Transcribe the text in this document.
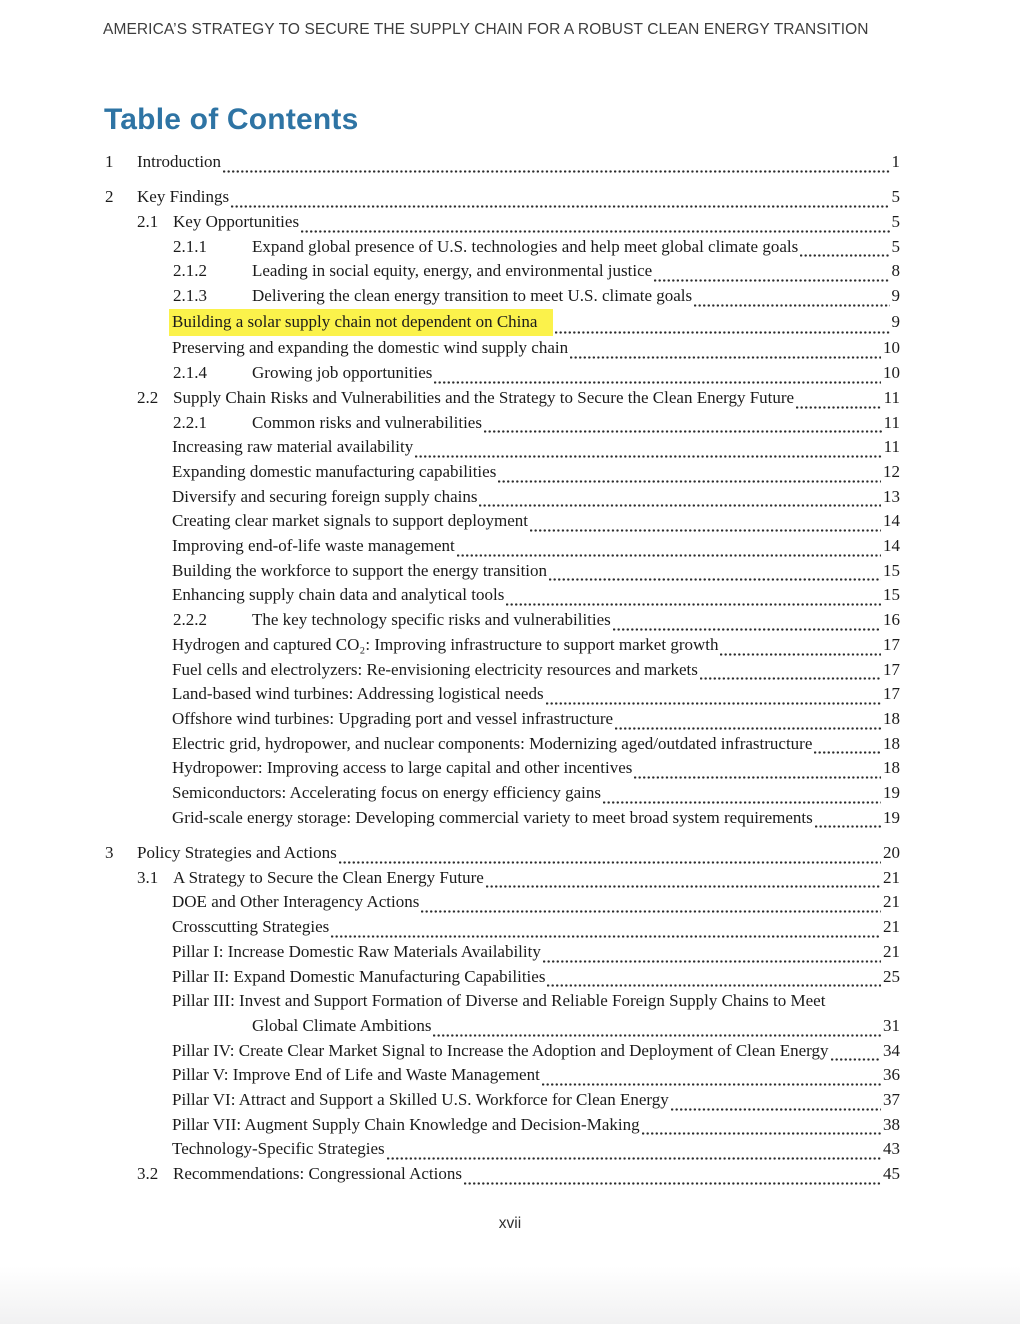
AMERICA’S STRATEGY TO SECURE THE SUPPLY CHAIN FOR A ROBUST CLEAN ENERGY TRANSITION
Table of Contents
1	Introduction	1
2	Key Findings	5
2.1 Key Opportunities	5
2.1.1	Expand global presence of U.S. technologies and help meet global climate goals	5
2.1.2	Leading in social equity, energy, and environmental justice	8
2.1.3	Delivering the clean energy transition to meet U.S. climate goals	9
Building a solar supply chain not dependent on China	9
Preserving and expanding the domestic wind supply chain	10
2.1.4	Growing job opportunities	10
2.2 Supply Chain Risks and Vulnerabilities and the Strategy to Secure the Clean Energy Future	11
2.2.1	Common risks and vulnerabilities	11
Increasing raw material availability	11
Expanding domestic manufacturing capabilities	12
Diversify and securing foreign supply chains	13
Creating clear market signals to support deployment	14
Improving end-of-life waste management	14
Building the workforce to support the energy transition	15
Enhancing supply chain data and analytical tools	15
2.2.2	The key technology specific risks and vulnerabilities	16
Hydrogen and captured CO₂: Improving infrastructure to support market growth	17
Fuel cells and electrolyzers: Re-envisioning electricity resources and markets	17
Land-based wind turbines: Addressing logistical needs	17
Offshore wind turbines: Upgrading port and vessel infrastructure	18
Electric grid, hydropower, and nuclear components: Modernizing aged/outdated infrastructure	18
Hydropower: Improving access to large capital and other incentives	18
Semiconductors: Accelerating focus on energy efficiency gains	19
Grid-scale energy storage: Developing commercial variety to meet broad system requirements	19
3	Policy Strategies and Actions	20
3.1 A Strategy to Secure the Clean Energy Future	21
DOE and Other Interagency Actions	21
Crosscutting Strategies	21
Pillar I: Increase Domestic Raw Materials Availability	21
Pillar II: Expand Domestic Manufacturing Capabilities	25
Pillar III: Invest and Support Formation of Diverse and Reliable Foreign Supply Chains to Meet
Global Climate Ambitions	31
Pillar IV: Create Clear Market Signal to Increase the Adoption and Deployment of Clean Energy	34
Pillar V: Improve End of Life and Waste Management	36
Pillar VI: Attract and Support a Skilled U.S. Workforce for Clean Energy	37
Pillar VII: Augment Supply Chain Knowledge and Decision-Making	38
Technology-Specific Strategies	43
3.2 Recommendations: Congressional Actions	45
xvii
